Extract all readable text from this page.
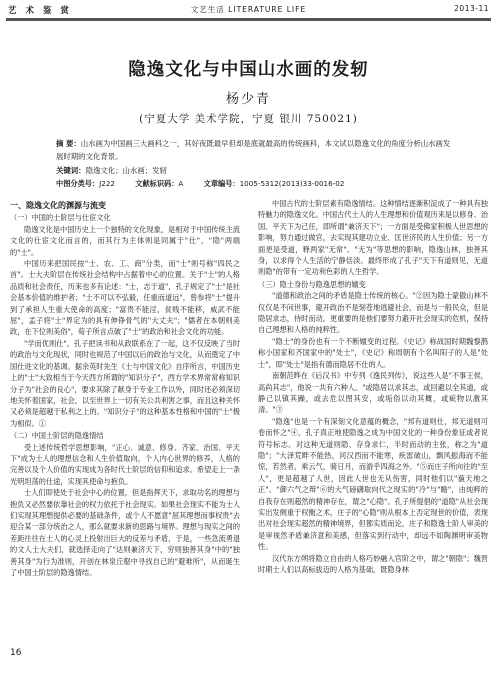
艺 术 鉴 赏	文艺生活 LITERATURE LIFE	2013-11
隐逸文化与中国山水画的发轫
杨少青
(宁夏大学 美术学院，宁夏 银川 750021)
摘 要：山水画为中国画三大画科之一，其好夜既最早但却是底就最高的传统画科，本文试以隐逸文化的角度分析山水画发展时期的文化背景。
关键词：隐逸文化；山水画；发轫
中图分类号：J222	文献标识码：A	文章编号：1005-5312(2013)33-0016-02

一、隐逸文化的渊源与流变

（一）中国的士阶层与仕宦文化

隐逸文化是中国历史上一个独特的文化现象，是相对于中国传统主流文化的仕宦文化而言的，而其行为主体则是同属于"仕"，"隐"两端的"士"。

中国历来把国民按"士、农、工、商"分类，而"士"则号称"四民之首"。士大夫阶层在传统社会结构中占据着中心的位置。关于"士"的人格品质和社会责任，历来也多有论述："士，志于道"，孔子规定了"士"是社会基本价值的维护者；"士不可以不弘毅，任重而道远"，曾参将"士"提升到了承担人生重大使命的高度；"富贵不能淫，贫贱不能移，威武不能屈"，孟子将"士"界定为的具有伸铮骨气的"大丈夫"；"儒者在本朝则美政，在下位则美俗"，荀子所言点破了"士"的政治和社会文化的功能。

"学而优则仕"，孔子把读书和从政联系在了一起，这不仅反映了当时的政治与文化现状，同时也规范了中国以后的政治与文化，从而奠定了中国仕进文化的基调。据余英时先生《士与中国文化》自序所言，中国历史上的"士"大致相当于今天西方所谓的"知识分子"，西方学术界常常称知识分子为"社会的良心"，要求其除了献身于专业工作以外，同时还必须深切地关怀着国家，社会，以至世界上一切有关公共利害之事，而且这种关怀又必须是超越于私利之上的。"知识分子"的这种基本性格和中国的"士"极为相似。①

（二）中国士阶层的隐逸情结

受上述传统哲学思想影响，"正心、诚意、修身、齐家、治国、平天下"成为士人的理想信念和人生价值取向，个人内心世界的修养，人格的完善以及个人价值的实现成为各时代士阶层的信仰和追求。希望走上一条光明坦荡的仕途，实现其使命与抱负。

士人们即使处于社会中心的位置，但是指挥天下，求取功名的理想与抱负又必然要依靠社会的权力依托于社会现实。如果社会现实不能为士人们实现其理想提供必要的基础条件，或个人不愿意"屈其理想而事权贵"去迎合某一部分统治之人，那么就要求新的思路与境界。理想与现实之间的差距往往在士人的心灵上投射出巨大的反差与矛盾，于是，一些急流勇退的文人士大夫们，就选择走向了"达则兼济天下，穷则独善其身"中的"独善其身"为行为准则，开创在林泉丘壑中寻找自己的"避难所"，从而诞生了中国士阶层的隐逸情结。

中国古代的士阶层素有隐逸情结。这种情结逐渐积淀成了一种具有独特魅力的隐逸文化。中国古代士人的人生理想和价值观历来是以修身、治国、平天下为己任，即所谓"兼济天下"；一方面是受佛家积极人世思想的影响，努力通过做官，去实现其建功立业、匡世济民的人生价值；另一方面更是受道，释两家"无常"、"无为"等思想的影响，隐逸山林，独善其身，以求得个人生活的宁静恬淡。最终形成了孔子"天下有道则见，无道则隐"的带有一定功利色彩的人生哲学。

（三）隐士身份与隐逸思想的嬗变

"道德和政治之间的矛盾是隐士传统的核心。"②因为隐士蒙傲山林不仅仅是不问世事，避开政治不是刻苍地逃避社会，而是与一般民众，但是隐居求志，侍时而动，更重要的是他们要努力避开社会现实的危机，保持自己理想和人格的纯粹性。

"隐士"的身份也有一个不断嬗变的过程。《史记》称战国时期魏黎鹊称小国家和齐国家中的"处士"，《史记》称周朝有个名叫阳子的人是"处士"，即"处士"是指有德而隐居不仕的人。

南朝范晔在《后汉书》中专列《逸民列传》，说这些人是"不事王侯，高尚其志"，他说一共有六种人。"或隐居以求其志，或回避以全其道，或静己以镇其躁，或去危以图其安，或垢俗以动其概，或疵物以激其清。"③

"隐逸"也是一个有深刻文化意蕴的概念，"邦有道则仕，邦无道则可卷而怀之"④，孔子真正地使隐逸之成为中国文化的一种身份象征或者说符号标志。对这种无道则隐、存身求仁，半时而动的主张，称之为"道隐"；"大泽荒畔不能热，河汉西而不能寒，疾雷破山，飘风振海而不能惊，若然者，乘云气，骑日月，而游乎四海之外。"⑤而庄子所向往的"至人"，更是超越了人世，因此人世也无从伤害，同时他们以"藐天地之正"、"御六气之辩"⑥的大气磅礴取向代之现实的"冷"与"瞻"，由纯粹的自我存在则超然的精神存在，谓之"心隐"。孔子所提倡的"道隐"从社会现实出发侧重于权衡之术，庄子的"心隐"则从根本上否定现世的价值，表现出对社会现实超然的精神境界，但都实质而论，庄子和隐逸士阶人审美的是审视然矛盾兼济意和美感，但落实到行动中，却远不如陶渊明审美物性。

汉代东方朔将隐立自由的人格巧妙融入官阶之中，谓之"朝隐"；魏晋时期士人们以高标拔迈的人格为基础，既隐身林

16
